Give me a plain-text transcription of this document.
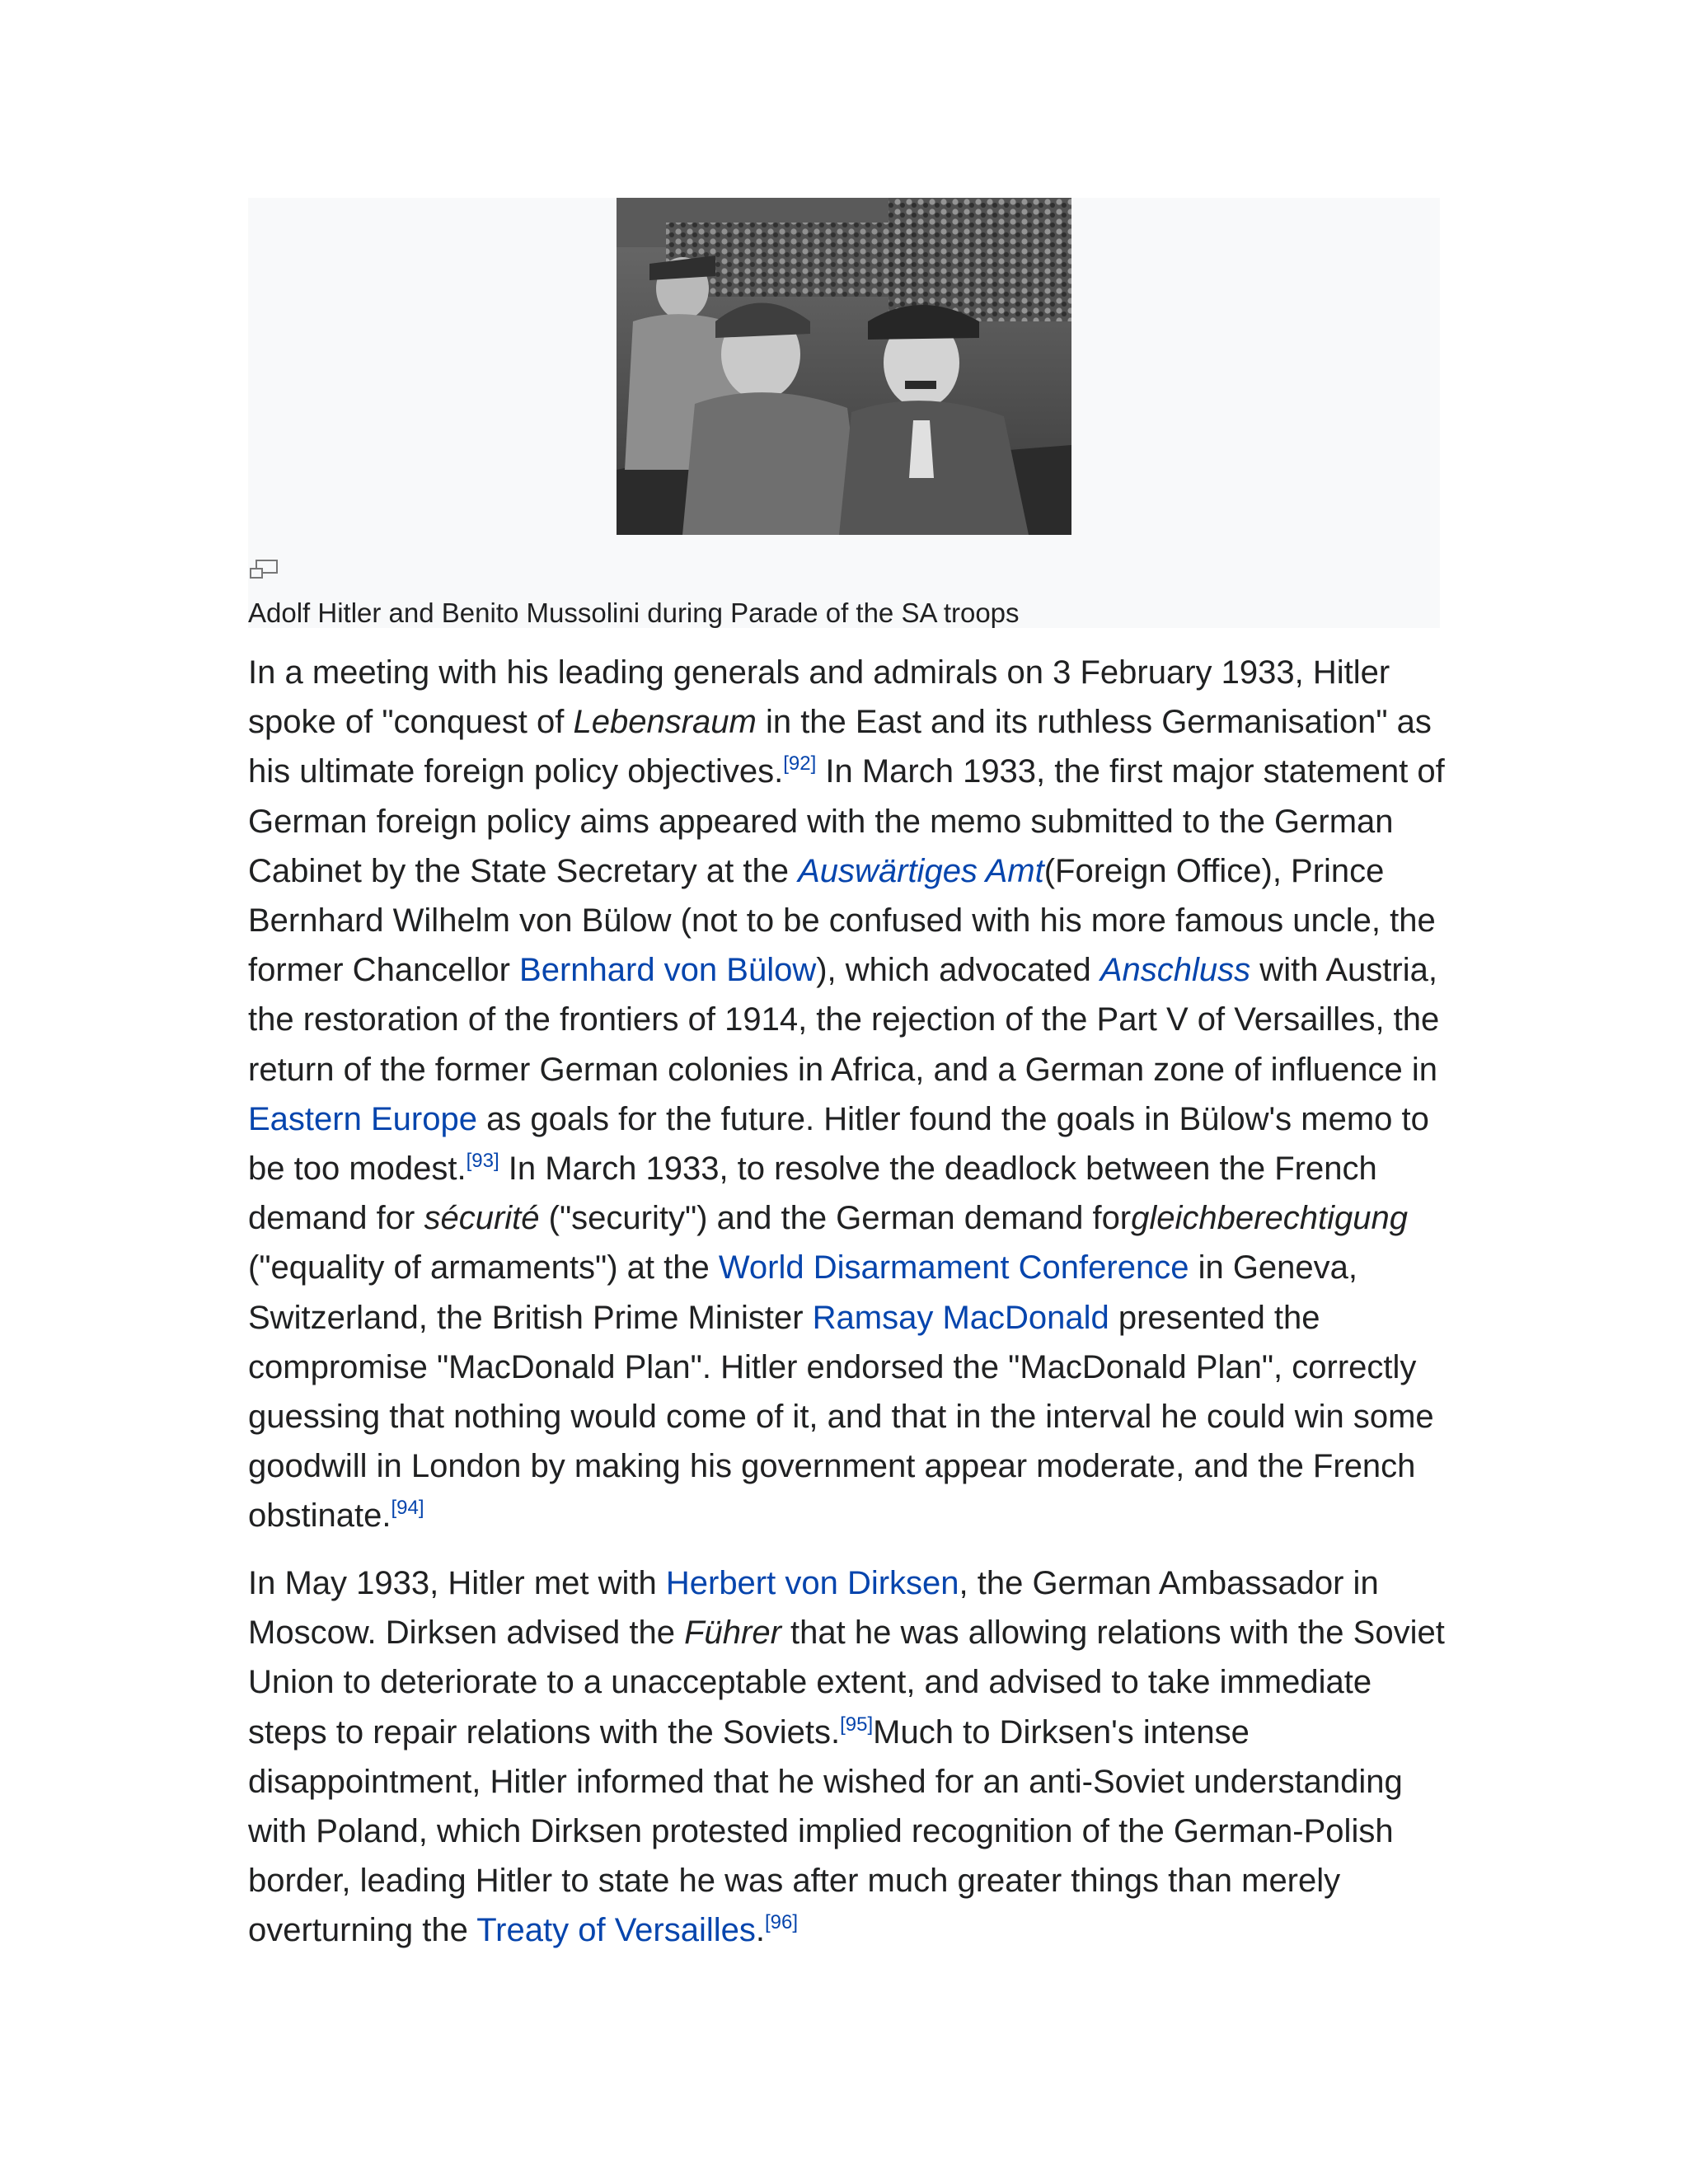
Adolf Hitler and Benito Mussolini during Parade of the SA troops

In a meeting with his leading generals and admirals on 3 February 1933, Hitler spoke of "conquest of Lebensraum in the East and its ruthless Germanisation" as his ultimate foreign policy objectives.[92] In March 1933, the first major statement of German foreign policy aims appeared with the memo submitted to the German Cabinet by the State Secretary at the Auswärtiges Amt(Foreign Office), Prince Bernhard Wilhelm von Bülow (not to be confused with his more famous uncle, the former Chancellor Bernhard von Bülow), which advocated Anschluss with Austria, the restoration of the frontiers of 1914, the rejection of the Part V of Versailles, the return of the former German colonies in Africa, and a German zone of influence in Eastern Europe as goals for the future. Hitler found the goals in Bülow's memo to be too modest.[93] In March 1933, to resolve the deadlock between the French demand for sécurité ("security") and the German demand forgleichberechtigung ("equality of armaments") at the World Disarmament Conference in Geneva, Switzerland, the British Prime Minister Ramsay MacDonald presented the compromise "MacDonald Plan". Hitler endorsed the "MacDonald Plan", correctly guessing that nothing would come of it, and that in the interval he could win some goodwill in London by making his government appear moderate, and the French obstinate.[94]

In May 1933, Hitler met with Herbert von Dirksen, the German Ambassador in Moscow. Dirksen advised the Führer that he was allowing relations with the Soviet Union to deteriorate to a unacceptable extent, and advised to take immediate steps to repair relations with the Soviets.[95]Much to Dirksen's intense disappointment, Hitler informed that he wished for an anti-Soviet understanding with Poland, which Dirksen protested implied recognition of the German-Polish border, leading Hitler to state he was after much greater things than merely overturning the Treaty of Versailles.[96]
